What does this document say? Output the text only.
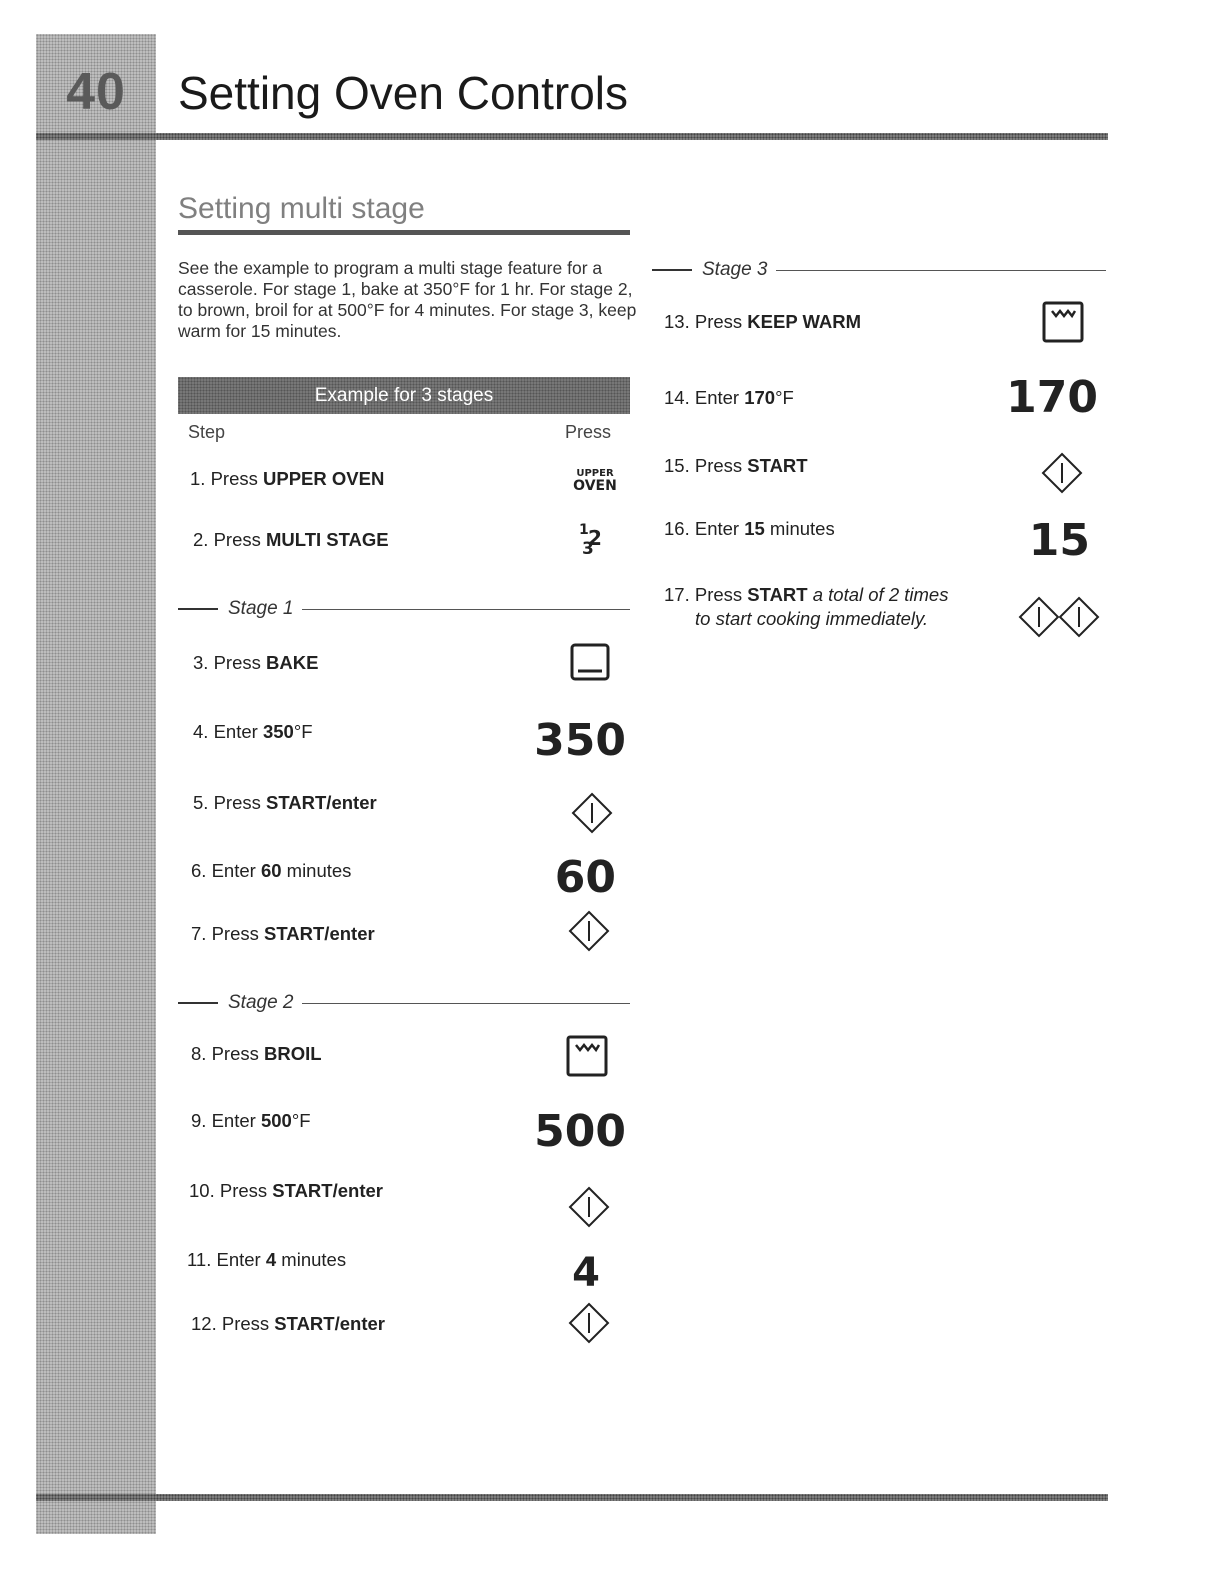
40	Setting Oven Controls
Setting multi stage
See the example to program a multi stage feature for a casserole. For stage 1, bake at 350°F for 1 hr. For stage 2, to brown, broil for at 500°F for 4 minutes. For stage 3, keep warm for 15 minutes.
Example for 3 stages
Step	Press
Stage 1
Stage 2
Stage 3
1. Press UPPER OVEN
2. Press MULTI STAGE
3. Press BAKE
4. Enter 350°F
5. Press START/enter
6. Enter 60 minutes
7. Press START/enter
8. Press BROIL
9. Enter 500°F
10. Press START/enter
11. Enter 4 minutes
12. Press START/enter
13. Press KEEP WARM
14. Enter 170°F
15. Press START
16. Enter 15 minutes
17. Press START a total of 2 times
to start cooking immediately.
UPPER
OVEN
1 2
3
350
60
500
4
170
15
